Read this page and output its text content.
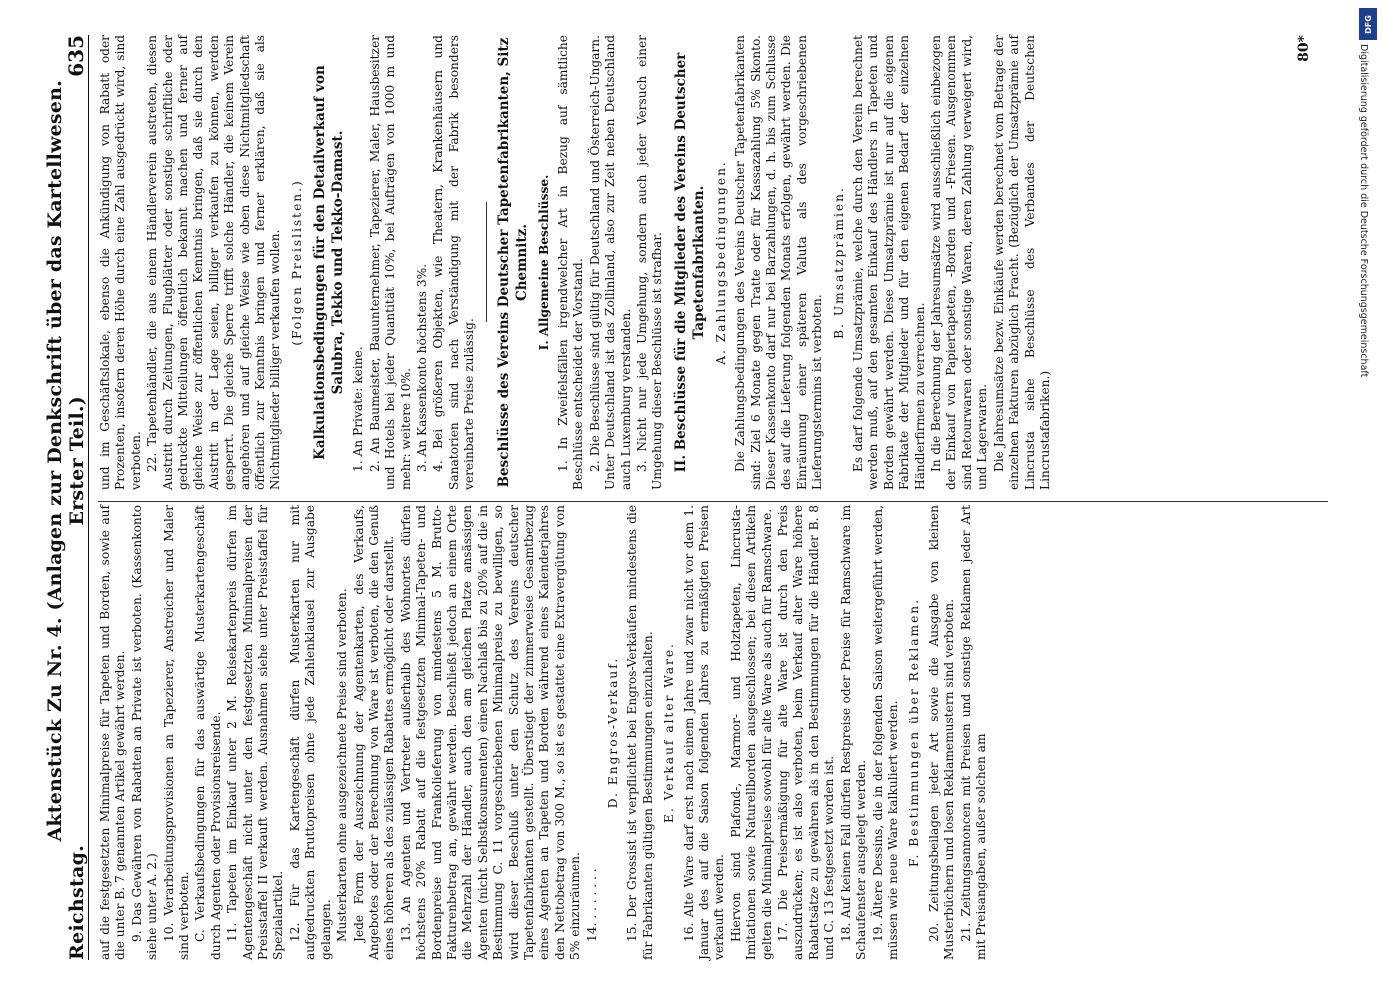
Reichstag.
Aktenstück Zu Nr. 4. (Anlagen zur Denkschrift über das Kartellwesen. Erster Teil.)
635

auf die festgesetzten Minimalpreise für Tapeten und Borden, sowie auf die unter B. 7 genannten Artikel gewährt werden. 9. Das Gewähren von Rabatten an Private ist verboten. (Kassenkonto siehe unter A. 2.) 10. Verarbeitungsprovisionen an Tapezierer, Anstreicher und Maler sind verboten. C. Verkaufsbedingungen für das auswärtige Musterkartengeschäft durch Agenten oder Provisionsreisende. 11. Tapeten im Einkauf unter 2 M. Reisekartenpreis dürfen im Agentengeschäft nicht unter den festgesetzten Minimalpreisen der Preisstaffel II verkauft werden. Ausnahmen siehe unter Preisstaffel für Spezialartikel. 12. Für das Kartengeschäft dürfen Musterkarten nur mit aufgedruckten Bruttopreisen ohne jede Zahlenklausel zur Ausgabe gelangen. Musterkarten ohne ausgezeichnete Preise sind verboten. Jede Form der Auszeichnung der Agentenkarten, des Verkaufs, Angebotes oder der Berechnung von Ware ist verboten, die den Genuß eines höheren als des zulässigen Rabattes ermöglicht oder darstellt. 13. An Agenten und Vertreter außerhalb des Wohnortes dürfen höchstens 20% Rabatt auf die festgesetzten Minimal-Tapeten- und Bordenpreise und Frankolieferung von mindestens 5 M. Brutto-Fakturenbetrag an, gewährt werden. Beschließt jedoch an einem Orte die Mehrzahl der Händler, auch den am gleichen Platze ansässigen Agenten (nicht Selbstkonsumenten) einen Nachlaß bis zu 20% auf die in Bestimmung C. 11 vorgeschriebenen Minimalpreise zu bewilligen, so wird dieser Beschluß unter den Schutz des Vereins deutscher Tapetenfabrikanten gestellt. Überstiegt der zimmerweise Gesamtbezug eines Agenten an Tapeten und Borden während eines Kalenderjahres den Nettobetrag von 300 M., so ist es gestattet eine Extravergütung von 5% einzuräumen. 14. . . . . . . .

D. Engros-Verkauf. 15. Der Grossist ist verpflichtet bei Engros-Verkäufen mindestens die für Fabrikanten gültigen Bestimmungen einzuhalten. E. Verkauf alter Ware. 16. Alte Ware darf erst nach einem Jahre und zwar nicht vor dem 1. Januar des auf die Saison folgenden Jahres zu ermäßigten Preisen verkauft werden. Hiervon sind Plafond-, Marmor- und Holztapeten, Lincrusta-Imitationen sowie Naturellborden ausgeschlossen; bei diesen Artikeln gelten die Minimalpreise sowohl für alte Ware als auch für Ramschware. 17. Die Preisermäßigung für alte Ware ist durch den Preis auszudrücken; es ist also verboten, beim Verkauf alter Ware höhere Rabattsätze zu gewähren als in den Bestimmungen für die Händler B. 8 und C. 13 festgesetzt worden ist. 18. Auf keinen Fall dürfen Restpreise oder Preise für Ramschware im Schaufenster ausgelegt werden. 19. Ältere Dessins, die in der folgenden Saison weitergeführt werden, müssen wie neue Ware kalkuliert werden. F. Bestimmungen über Reklamen. 20. Zeitungsbeilagen jeder Art sowie die Ausgabe von kleinen Musterbüchern und losen Reklamemustern sind verboten. 21. Zeitungsannoncen mit Preisen und sonstige Reklamen jeder Art mit Preisangaben, außer solchen am

und im Geschäftslokale, ebenso die Ankündigung von Rabatt oder Prozenten, insofern deren Höhe durch eine Zahl ausgedrückt wird, sind verboten. 22. Tapetenhändler, die aus einem Händlerverein austreten, diesen Austritt durch Zeitungen, Flugblätter oder sonstige schriftliche oder gedruckte Mitteilungen öffentlich bekannt machen und ferner auf gleiche Weise zur öffentlichen Kenntnis bringen, daß sie durch den Austritt in der Lage seien, billiger verkaufen zu können, werden gesperrt. Die gleiche Sperre trifft solche Händler, die keinem Verein angehören und auf gleiche Weise wie oben diese Nichtmitgliedschaft öffentlich zur Kenntnis bringen und ferner erklären, daß sie als Nichtmitglieder billiger verkaufen wollen. (Folgen Preislisten.) Kalkulationsbedingungen für den Detailverkauf von Salubra, Tekko und Tekko-Damast.

1. An Private: keine. 2. An Baumeister, Bauunternehmer, Tapezierer, Maler, Hausbesitzer und Hotels bei jeder Quantität 10%, bei Aufträgen von 1000 m und mehr: weitere 10%. 3. An Kassenkonto höchstens 3%. 4. Bei größeren Objekten, wie Theatern, Krankenhäusern und Sanatorien sind nach Verständigung mit der Fabrik besonders vereinbarte Preise zulässig. Beschlüsse des Vereins Deutscher Tapetenfabrikanten, Sitz Chemnitz. I. Allgemeine Beschlüsse. 1. In Zweifelsfällen irgendwelcher Art in Bezug auf sämtliche Beschlüsse entscheidet der Vorstand. 2. Die Beschlüsse sind gültig für Deutschland und Österreich-Ungarn. Unter Deutschland ist das Zollinland, also zur Zeit neben Deutschland auch Luxemburg verstanden. 3. Nicht nur jede Umgehung, sondern auch jeder Versuch einer Umgehung dieser Beschlüsse ist strafbar. II. Beschlüsse für die Mitglieder des Vereins Deutscher Tapetenfabrikanten. A. Zahlungsbedingungen. Die Zahlungsbedingungen des Vereins Deutscher Tapetenfabrikanten sind: Ziel 6 Monate gegen Tratte oder für Kassazahlung 5% Skonto. Dieser Kassenkonto darf nur bei Barzahlungen, d. h. bis zum Schlusse des auf die Lieferung folgenden Monats erfolgen, gewährt werden. Die Einräumung einer späteren Valuta als des vorgeschriebenen Lieferungstermins ist verboten.

B. Umsatzprämien. Es darf folgende Umsatzprämie, welche durch den Verein berechnet werden muß, auf den gesamten Einkauf des Händlers in Tapeten und Borden gewährt werden. Diese Umsatzprämie ist nur auf die eigenen Fabrikate der Mitglieder und für den eigenen Bedarf der einzelnen Händlerfirmen zu verrechnen. In die Berechnung der Jahresumsätze wird ausschließlich einbezogen der Einkauf von Papiertapeten, -Borden und -Friesen. Ausgenommen sind Retourwaren oder sonstige Waren, deren Zahlung verweigert wird, und Lagerwaren. Die Jahresumsätze bezw. Einkäufe werden berechnet vom Betrage der einzelnen Fakturen abzüglich Fracht. (Bezüglich der Umsatzprämie auf Lincrusta siehe Beschlüsse des Verbandes der Deutschen Lincrustafabriken.)

80*
DFG
Digitalisierung gefördert durch die Deutsche Forschungsgemeinschaft
